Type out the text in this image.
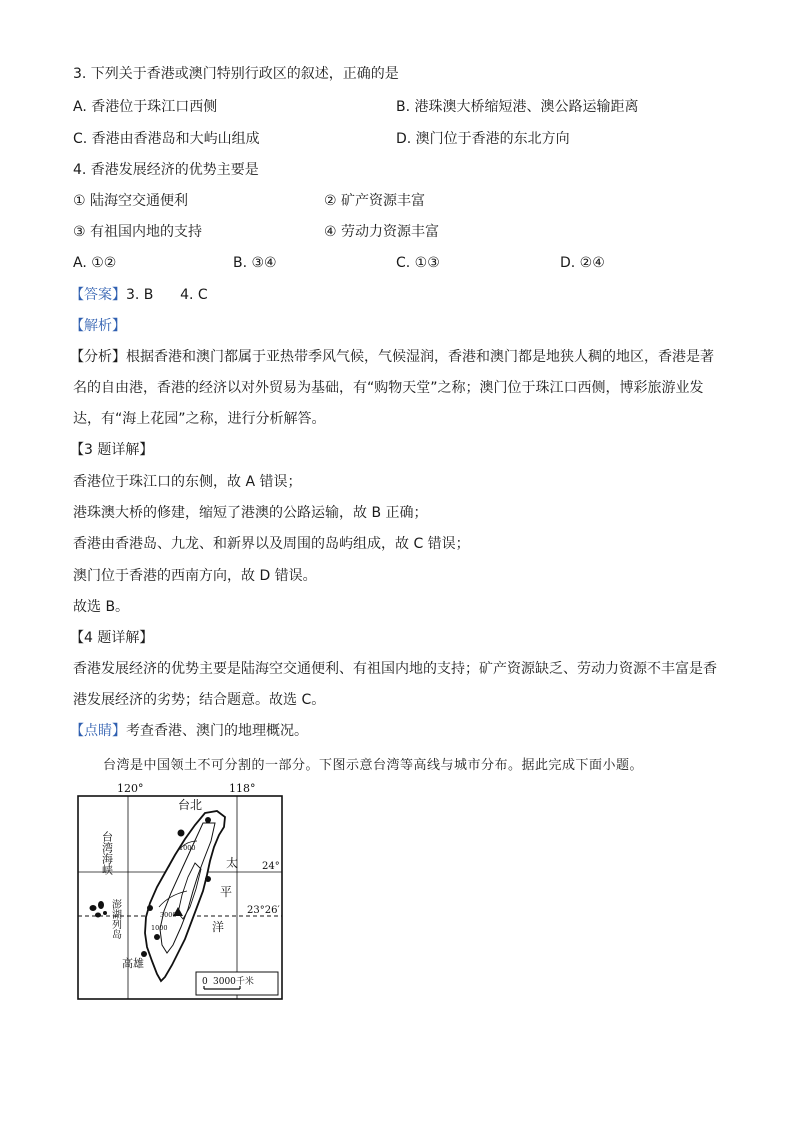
3. 下列关于香港或澳门特别行政区的叙述，正确的是
A. 香港位于珠江口西侧	B. 港珠澳大桥缩短港、澳公路运输距离
C. 香港由香港岛和大屿山组成	D. 澳门位于香港的东北方向
4. 香港发展经济的优势主要是
① 陆海空交通便利	② 矿产资源丰富
③ 有祖国内地的支持	④ 劳动力资源丰富
A. ①②	B. ③④	C. ①③	D. ②④
【答案】3. B      4. C
【解析】
【分析】根据香港和澳门都属于亚热带季风气候，气候湿润，香港和澳门都是地狭人稠的地区，香港是著
名的自由港，香港的经济以对外贸易为基础，有“购物天堂”之称；澳门位于珠江口西侧，博彩旅游业发
达，有“海上花园”之称，进行分析解答。
【3 题详解】
香港位于珠江口的东侧，故 A 错误；
港珠澳大桥的修建，缩短了港澳的公路运输，故 B 正确；
香港由香港岛、九龙、和新界以及周围的岛屿组成，故 C 错误；
澳门位于香港的西南方向，故 D 错误。
故选 B。
【4 题详解】
香港发展经济的优势主要是陆海空交通便利、有祖国内地的支持；矿产资源缺乏、劳动力资源不丰富是香
港发展经济的劣势；结合题意。故选 C。
【点睛】考查香港、澳门的地理概况。
台湾是中国领土不可分割的一部分。下图示意台湾等高线与城市分布。据此完成下面小题。
120°	118°
台北
高雄
24°
23°26′
台湾海峡
澎湖列岛
太
平
洋
1000
3000
1000
0 3000千米
